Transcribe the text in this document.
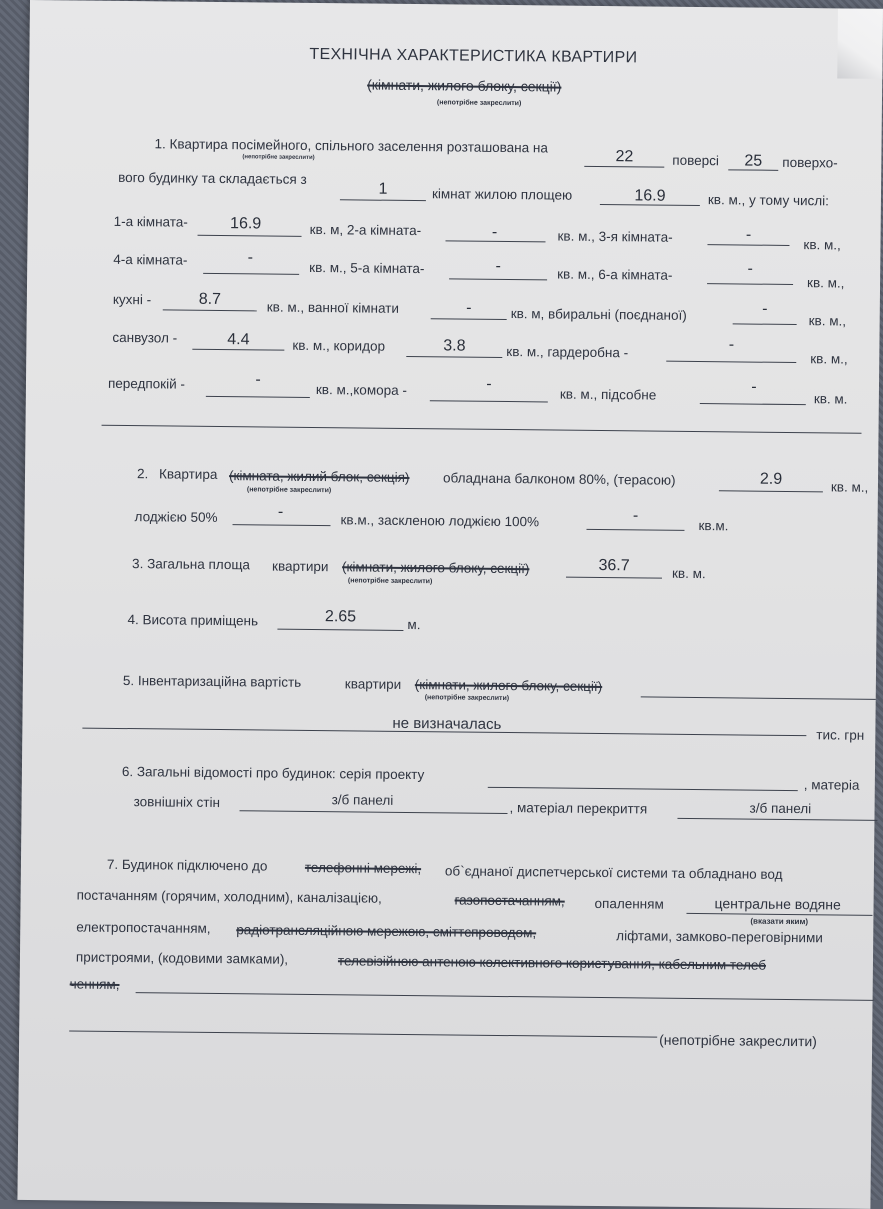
ТЕХНІЧНА ХАРАКТЕРИСТИКА КВАРТИРИ
(кімнати, жилого блоку, секції)
(непотрібне закреслити)
1. Квартира посімейного, спільного заселення розташована на
(непотрібне закреслити)	22	поверсі	25	поверхо-
вого будинку та складається з
1	кімнат жилою площею	16.9	кв. м., у тому числі:
1-а кімната-	16.9	кв. м, 2-а кімната-	-	кв. м., 3-я кімната-	-
кв. м.,
4-а кімната-	-
кв. м., 5-а кімната-	-	кв. м., 6-а кімната-	-
кв. м.,
кухні -	8.7	кв. м., ванної кімнати	-	кв. м, вбиральні (поєднаної)	-
кв. м.,
санвузол -	4.4	кв. м., коридор	3.8	кв. м., гардеробна -	-
кв. м.,
передпокій -	-
кв. м.,комора -	-
кв. м., підсобне	-
кв. м.
2. Квартира (кімната, жилий блок, секція)
(непотрібне закреслити)
обладнана балконом 80%, (терасою)	2.9	кв. м.,
лоджією 50%	-
кв.м., заскленою лоджією 100%	-
кв.м.
3. Загальна площа квартири (кімнати, жилого блоку, секції)
(непотрібне закреслити)
36.7	кв. м.
4. Висота приміщень	2.65	м.
5. Інвентаризаційна вартість	квартири (кімнати, жилого блоку, секції)
(непотрібне закреслити)
не визначалась
тис. грн
6. Загальні відомості про будинок: серія проекту
, матеріа
зовнішніх стін	з/б панелі
, матеріал перекриття	з/б панелі
7. Будинок підключено до	телефонні мережі, об`єднаної диспетчерської системи та обладнано вод
постачанням (горячим, холодним), каналізацією,	газопостачанням, опаленням	центральне водяне
(вказати яким)
електропостачанням, радіотрансляційною мережою, сміттєпроводом,	ліфтами, замково-переговірними
пристроями, (кодовими замками),	телевізійною антеною колективного користування, кабельним телеб
ченням,
(непотрібне закреслити)
